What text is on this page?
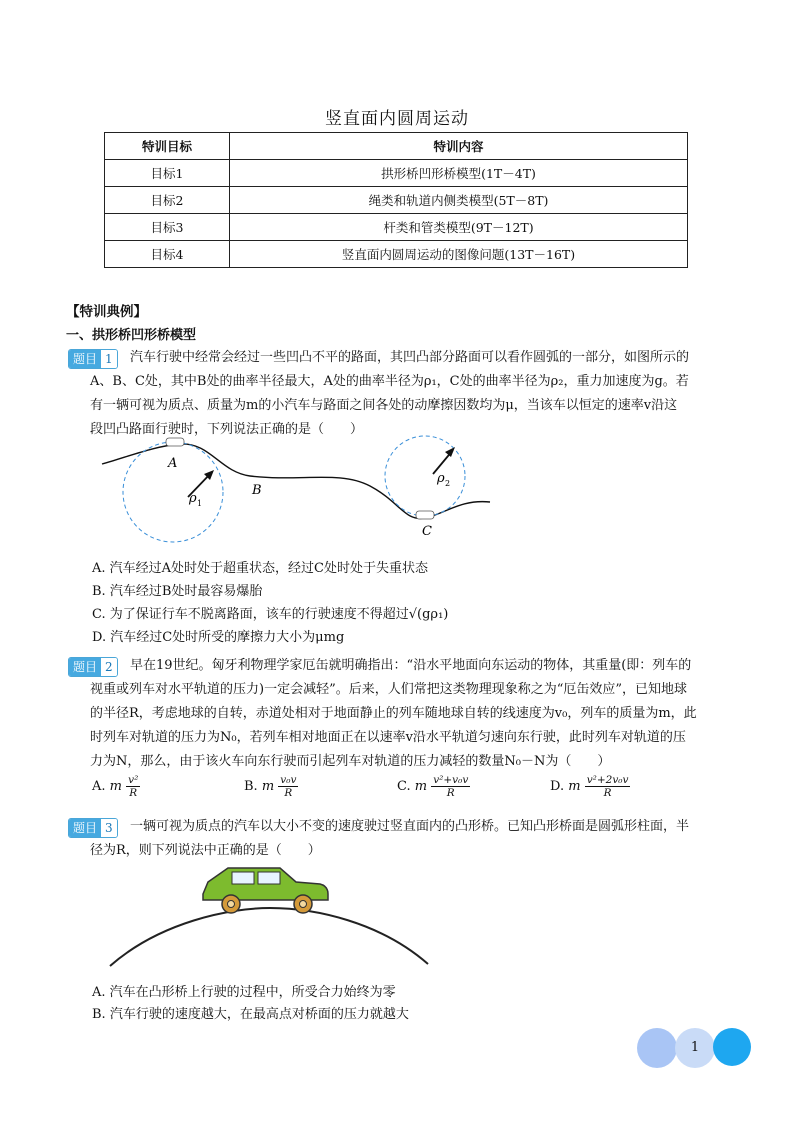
竖直面内圆周运动
特训目标	特训内容
目标1	拱形桥凹形桥模型(1T－4T)
目标2	绳类和轨道内侧类模型(5T－8T)
目标3	杆类和管类模型(9T－12T)
目标4	竖直面内圆周运动的图像问题(13T－16T)
【特训典例】
一、拱形桥凹形桥模型
题目 1	汽车行驶中经常会经过一些凹凸不平的路面，其凹凸部分路面可以看作圆弧的一部分，如图所示的
A、B、C处，其中B处的曲率半径最大，A处的曲率半径为ρ₁，C处的曲率半径为ρ₂，重力加速度为g。若
有一辆可视为质点、质量为m的小汽车与路面之间各处的动摩擦因数均为μ，当该车以恒定的速率v沿这
段凹凸路面行驶时，下列说法正确的是（　　）
A
B
C
ρ 1
ρ 2
A. 汽车经过A处时处于超重状态，经过C处时处于失重状态
B. 汽车经过B处时最容易爆胎
C. 为了保证行车不脱离路面，该车的行驶速度不得超过√(gρ₁)
D. 汽车经过C处时所受的摩擦力大小为μmg
题目 2	早在19世纪。匈牙利物理学家厄缶就明确指出：“沿水平地面向东运动的物体，其重量(即：列车的
视重或列车对水平轨道的压力)一定会减轻”。后来，人们常把这类物理现象称之为“厄缶效应”，已知地球
的半径R，考虑地球的自转，赤道处相对于地面静止的列车随地球自转的线速度为v₀，列车的质量为m，此
时列车对轨道的压力为N₀，若列车相对地面正在以速率v沿水平轨道匀速向东行驶，此时列车对轨道的压
力为N，那么，由于该火车向东行驶而引起列车对轨道的压力减轻的数量N₀－N为（　　）
A. m $\frac{\text{v²}}{R}$	B. m $\frac{\text{v₀v}}{R}$	C. m $\frac{\text{v²+v₀v}}{R}$	D. m $\frac{\text{v²+2v₀v}}{R}$
题目 3	一辆可视为质点的汽车以大小不变的速度驶过竖直面内的凸形桥。已知凸形桥面是圆弧形柱面，半
径为R，则下列说法中正确的是（　　）
A. 汽车在凸形桥上行驶的过程中，所受合力始终为零
B. 汽车行驶的速度越大，在最高点对桥面的压力就越大
1
